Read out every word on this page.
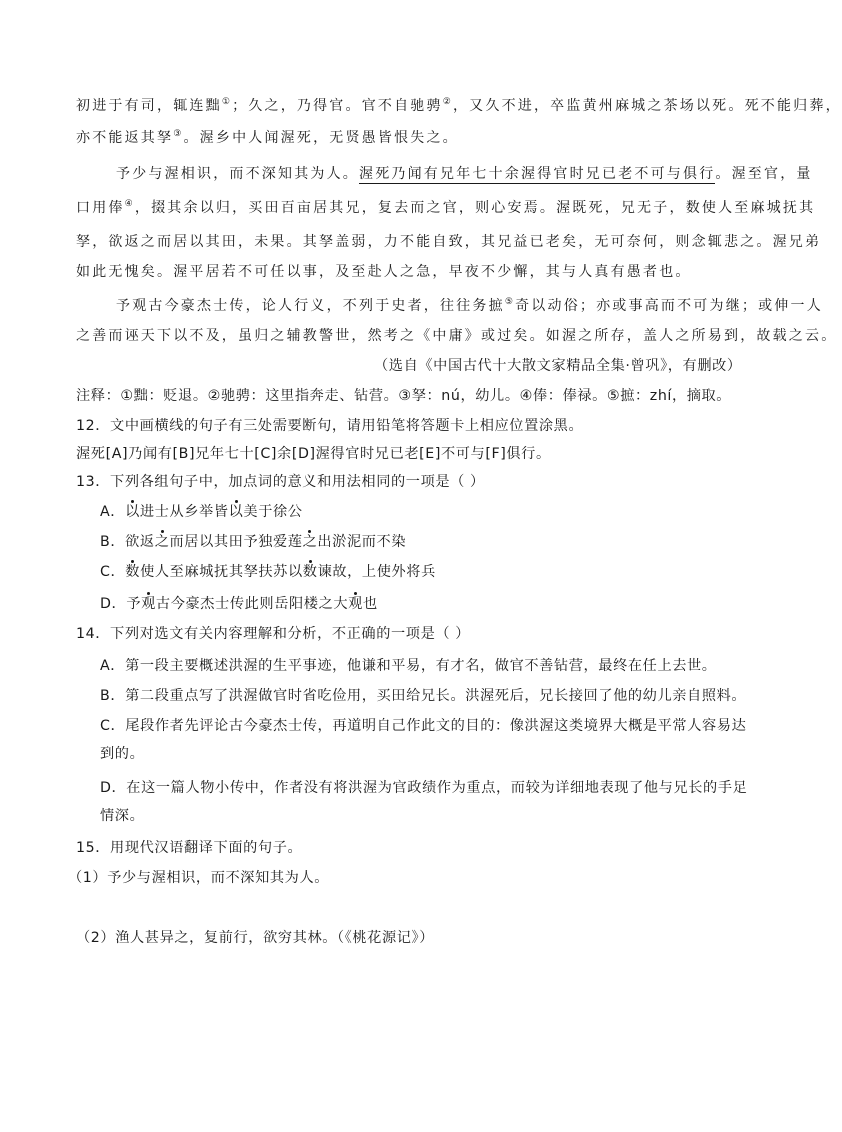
初进于有司，辄连黜①；久之，乃得官。官不自驰骋②，又久不进，卒监黄州麻城之茶场以死。死不能归葬，
亦不能返其孥③。渥乡中人闻渥死，无贤愚皆恨失之。
予少与渥相识，而不深知其为人。渥死乃闻有兄年七十余渥得官时兄已老不可与俱行。渥至官，量
口用俸④，掇其余以归，买田百亩居其兄，复去而之官，则心安焉。渥既死，兄无子，数使人至麻城抚其
孥，欲返之而居以其田，未果。其孥盖弱，力不能自致，其兄益已老矣，无可奈何，则念辄悲之。渥兄弟
如此无愧矣。渥平居若不可任以事，及至赴人之急，早夜不少懈，其与人真有愚者也。
予观古今豪杰士传，论人行义，不列于史者，往往务摭⑤奇以动俗；亦或事高而不可为继；或伸一人
之善而诬天下以不及，虽归之辅教警世，然考之《中庸》或过矣。如渥之所存，盖人之所易到，故载之云。
（选自《中国古代十大散文家精品全集·曾巩》，有删改）
注释：①黜：贬退。②驰骋：这里指奔走、钻营。③孥：nú，幼儿。④俸：俸禄。⑤摭：zhí，摘取。
12．文中画横线的句子有三处需要断句，请用铅笔将答题卡上相应位置涂黑。
渥死[A]乃闻有[B]兄年七十[C]余[D]渥得官时兄已老[E]不可与[F]俱行。
13．下列各组句子中，加点词的意义和用法相同的一项是（ ）
A．以进士从乡举皆以美于徐公
B．欲返之而居以其田予独爱莲之出淤泥而不染
C．数使人至麻城抚其孥扶苏以数谏故，上使外将兵
D．予观古今豪杰士传此则岳阳楼之大观也
14．下列对选文有关内容理解和分析，不正确的一项是（ ）
A．第一段主要概述洪渥的生平事迹，他谦和平易，有才名，做官不善钻营，最终在任上去世。
B．第二段重点写了洪渥做官时省吃俭用，买田给兄长。洪渥死后，兄长接回了他的幼儿亲自照料。
C．尾段作者先评论古今豪杰士传，再道明自己作此文的目的：像洪渥这类境界大概是平常人容易达
到的。
D．在这一篇人物小传中，作者没有将洪渥为官政绩作为重点，而较为详细地表现了他与兄长的手足
情深。
15．用现代汉语翻译下面的句子。
（1）予少与渥相识，而不深知其为人。
（2）渔人甚异之，复前行，欲穷其林。（《桃花源记》）
